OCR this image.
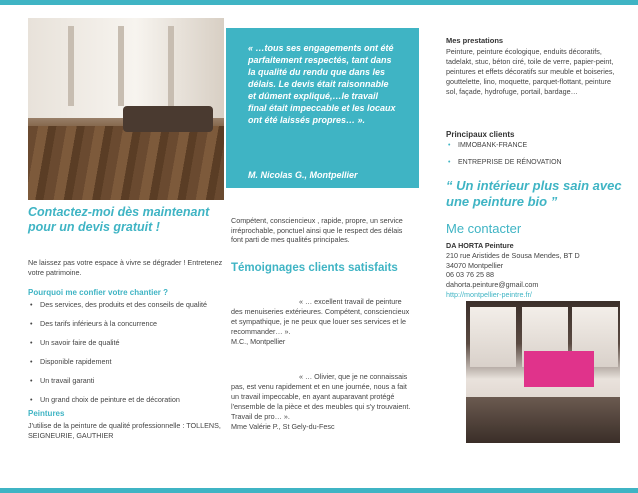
« …tous ses engagements ont été parfaitement respectés, tant dans la qualité du rendu que dans les délais. Le devis était raisonnable et dûment expliqué,…le travail final était impeccable et les locaux ont été laissés propres… ».
M. Nicolas G., Montpellier
Contactez-moi dès maintenant pour un devis gratuit !
Ne laissez pas votre espace à vivre se dégrader ! Entretenez votre patrimoine.
Pourquoi me confier votre chantier ?
• Des services, des produits et des conseils de qualité
• Des tarifs inférieurs à la concurrence
• Un savoir faire de qualité
• Disponible rapidement
• Un travail garanti
• Un grand choix de peinture et de décoration
Peintures
J'utilise de la peinture de qualité professionnelle : TOLLENS, SEIGNEURIE, GAUTHIER
Compétent, consciencieux , rapide, propre, un service irréprochable, ponctuel ainsi que le respect des délais font parti de mes qualités principales.
Témoignages clients satisfaits
« … excellent travail de peinture des menuiseries extérieures. Compétent, consciencieux et sympathique, je ne peux que louer ses services et le recommander… ».
M.C., Montpellier
« … Olivier, que je ne connaissais pas, est venu rapidement et en une journée, nous a fait un travail impeccable, en ayant auparavant protégé l'ensemble de la pièce et des meubles qui s'y trouvaient. Travail de pro… ».
Mme Valérie P., St Gely-du-Fesc
Mes prestations
Peinture, peinture écologique, enduits décoratifs, tadelakt, stuc, béton ciré, toile de verre, papier-peint, peintures et effets décoratifs sur meuble et boiseries, gouttelette, lino, moquette, parquet-flottant, peinture sol, façade, hydrofuge, portail, bardage…
Principaux clients
• IMMOBANK-FRANCE
• ENTREPRISE DE RÉNOVATION
“ Un intérieur plus sain avec une peinture bio ”
Me contacter
DA HORTA Peinture
210 rue Aristides de Sousa Mendes, BT D
34070 Montpellier
06 03 76 25 88
dahorta.peinture@gmail.com
http://montpellier-peintre.fr/
